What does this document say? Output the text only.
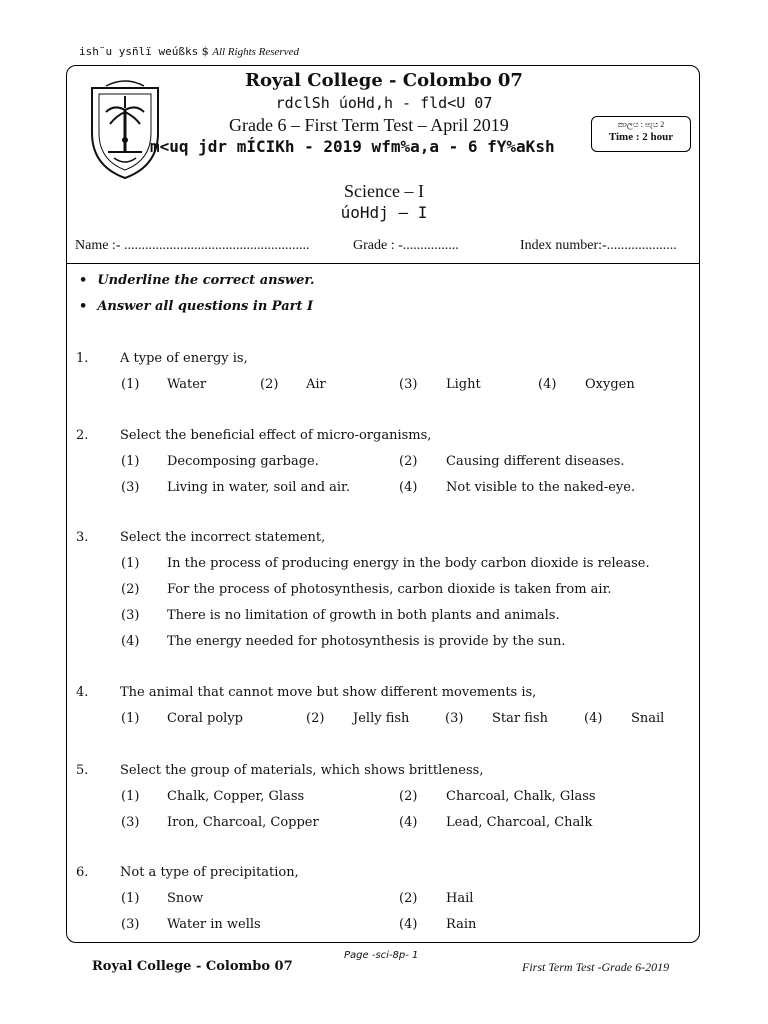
ish¨u ysñlï weúßks $ All Rights Reserved
Royal College - Colombo 07
rdclSh úoHd,h - fld<U 07
Grade 6 – First Term Test – April 2019
m<uq jdr mÍCIKh - 2019 wfm%a,a - 6 fY%aKsh
කාලය : පැය 2
Time : 2 hour
Science – I
úoHdj – I
Name :- .....................................................	Grade : -................	Index number:-....................
• Underline the correct answer.
• Answer all questions in Part I
1. A type of energy is,
(1) Water	(2) Air	(3) Light	(4) Oxygen
2. Select the beneficial effect of micro-organisms,
(1) Decomposing garbage.	(2) Causing different diseases.
(3) Living in water, soil and air.	(4) Not visible to the naked-eye.
3. Select the incorrect statement,
(1) In the process of producing energy in the body carbon dioxide is release.
(2) For the process of photosynthesis, carbon dioxide is taken from air.
(3) There is no limitation of growth in both plants and animals.
(4) The energy needed for photosynthesis is provide by the sun.
4. The animal that cannot move but show different movements is,
(1) Coral polyp	(2) Jelly fish	(3) Star fish	(4) Snail
5. Select the group of materials, which shows brittleness,
(1) Chalk, Copper, Glass	(2) Charcoal, Chalk, Glass
(3) Iron, Charcoal, Copper	(4) Lead, Charcoal, Chalk
6. Not a type of precipitation,
(1) Snow	(2) Hail
(3) Water in wells	(4) Rain
Royal College - Colombo 07
Page -sci-8p- 1
First Term Test -Grade 6-2019
